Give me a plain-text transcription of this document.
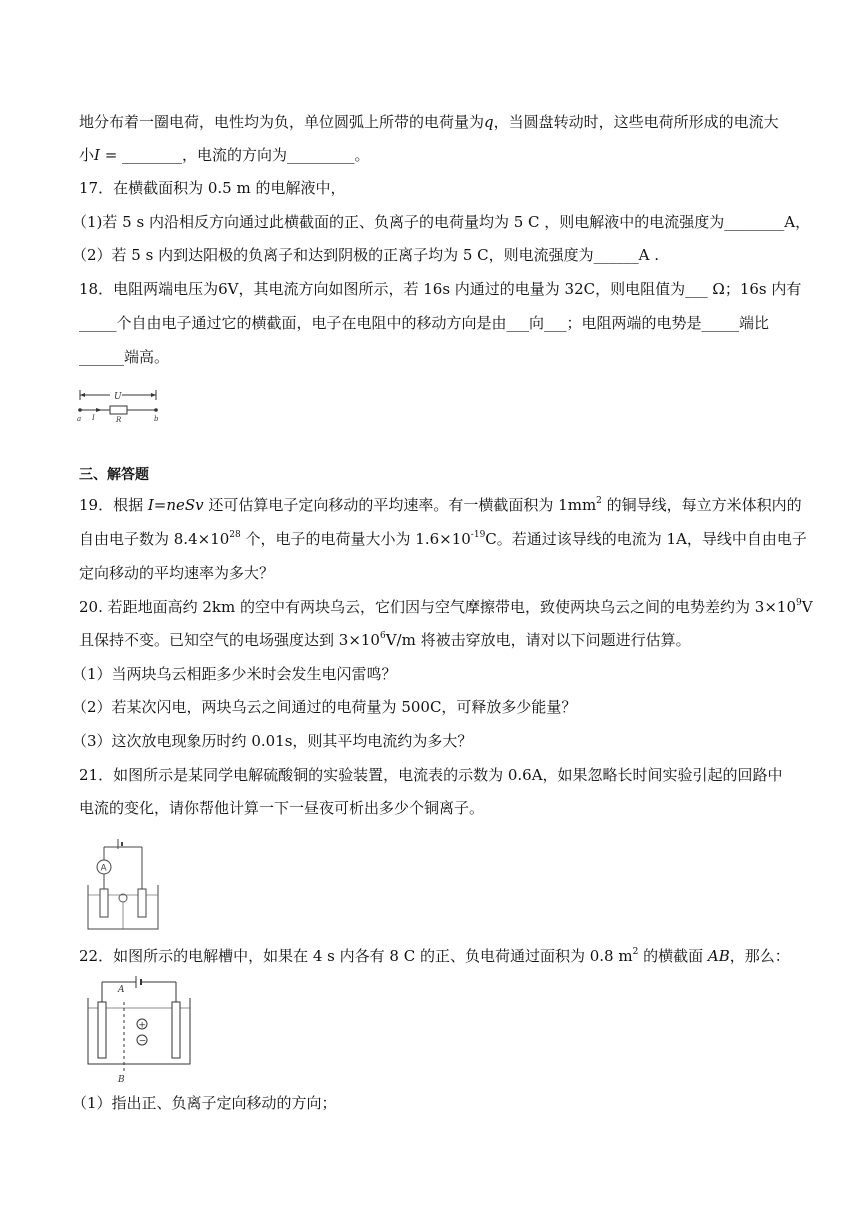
地分布着一圈电荷，电性均为负，单位圆弧上所带的电荷量为q，当圆盘转动时，这些电荷所形成的电流大
小I = ________，电流的方向为_________。
17．在横截面积为 0.5 m 的电解液中，
（1)若 5 s 内沿相反方向通过此横截面的正、负离子的电荷量均为 5 C ，则电解液中的电流强度为________A，
（2）若 5 s 内到达阳极的负离子和达到阴极的正离子均为 5 C，则电流强度为______A .
18．电阻两端电压为6V，其电流方向如图所示，若 16s 内通过的电量为 32C，则电阻值为___ Ω；16s 内有
_____个自由电子通过它的横截面，电子在电阻中的移动方向是由___向___；电阻两端的电势是_____端比
______端高。
U
a I	R	b
三、解答题
19．根据 I=neSv 还可估算电子定向移动的平均速率。有一横截面积为 $1mm^2$ 的铜导线，每立方米体积内的
自由电子数为 $8.4\times 10^{28}$ 个，电子的电荷量大小为 $1.6\times 10^{-19}C$。若通过该导线的电流为 1A，导线中自由电子
定向移动的平均速率为多大？
20. 若距地面高约 2km 的空中有两块乌云，它们因与空气摩擦带电，致使两块乌云之间的电势差约为 $3\times 10^9V$
且保持不变。已知空气的电场强度达到 $3\times 10^6V/m$ 将被击穿放电，请对以下问题进行估算。
（1）当两块乌云相距多少米时会发生电闪雷鸣？
（2）若某次闪电，两块乌云之间通过的电荷量为 500C，可释放多少能量？
（3）这次放电现象历时约 0.01s，则其平均电流约为多大？
21．如图所示是某同学电解硫酸铜的实验装置，电流表的示数为 0.6A，如果忽略长时间实验引起的回路中
电流的变化，请你帮他计算一下一昼夜可析出多少个铜离子。
A
22．如图所示的电解槽中，如果在 4 s 内各有 8 C 的正、负电荷通过面积为 0.8 $m^2$ 的横截面 AB，那么：
A
B
+
−
（1）指出正、负离子定向移动的方向；
